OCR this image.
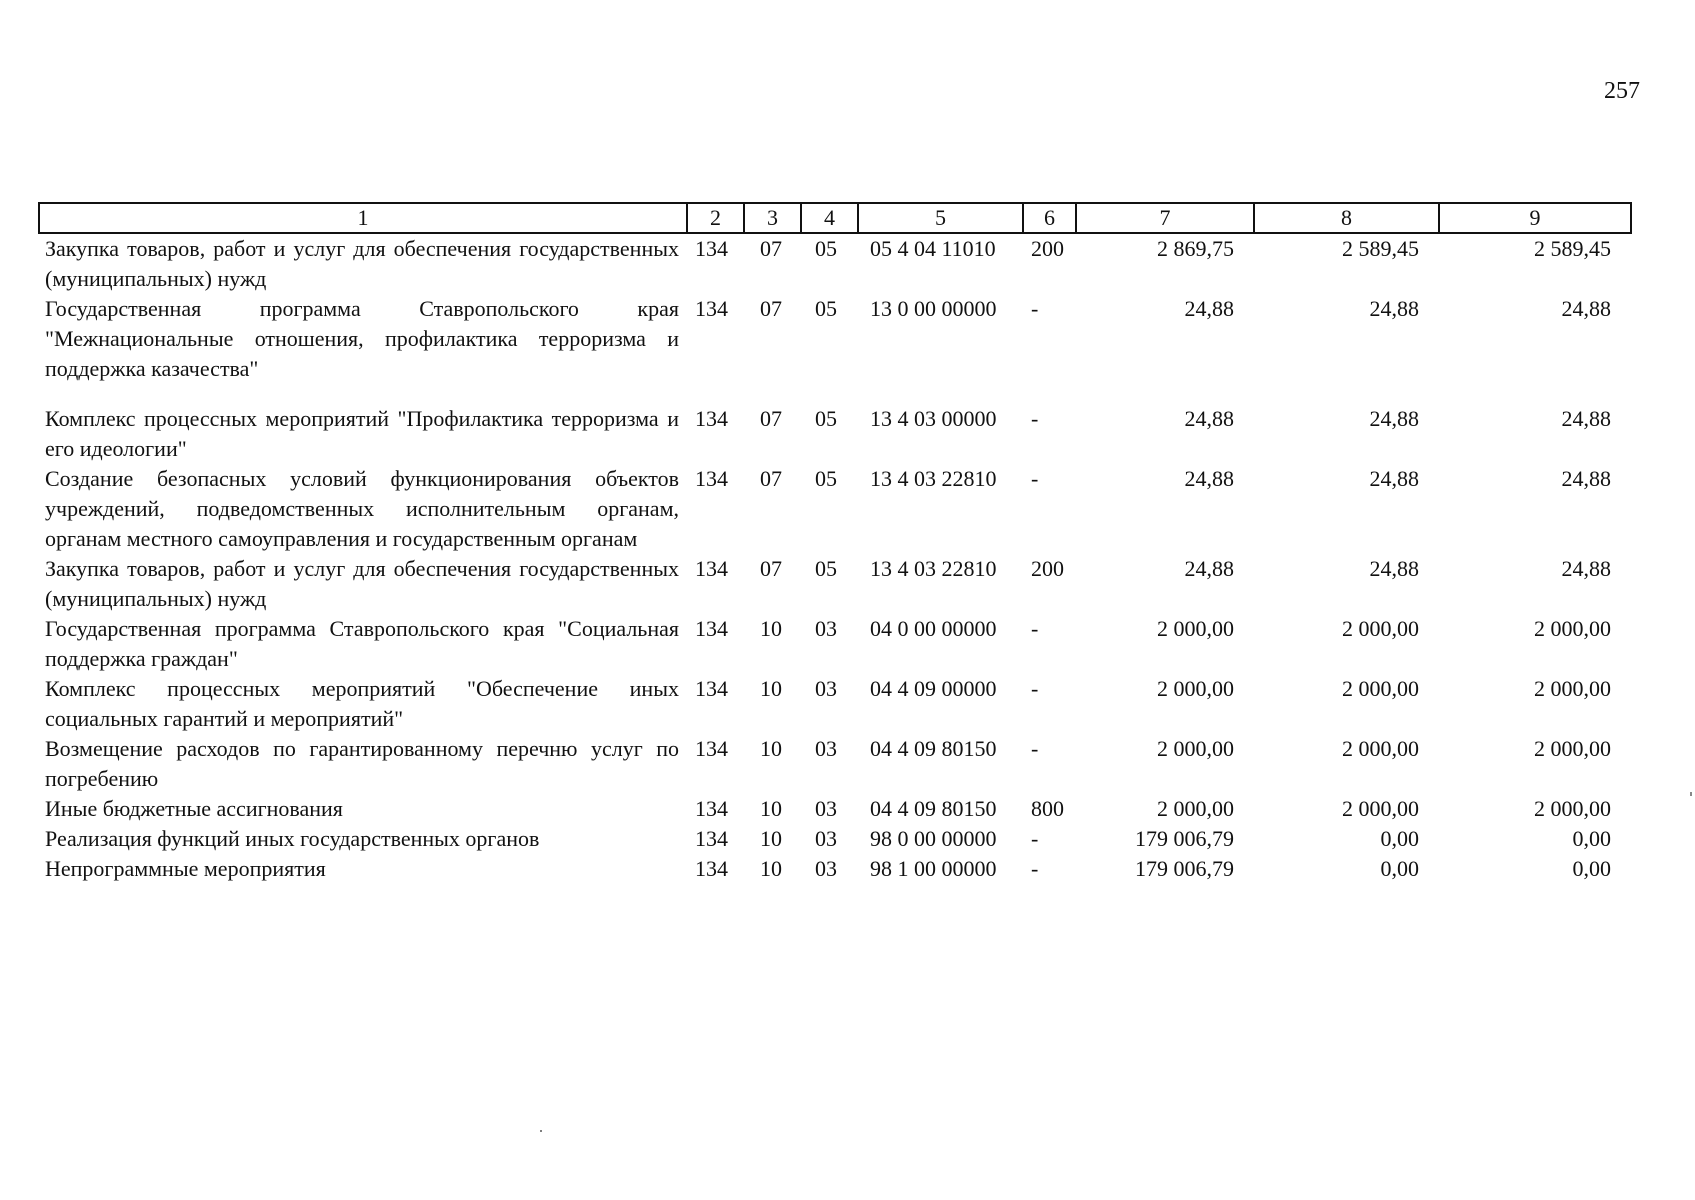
257
1	2	3	4	5	6	7	8	9
Закупка товаров, работ и услуг для обеспечения государственных (муниципальных) нужд	134	07	05	05 4 04 11010	200	2 869,75	2 589,45	2 589,45
Государственная программа Ставропольского края "Межнациональные отношения, профилактика терроризма и поддержка казачества"	134	07	05	13 0 00 00000	-	24,88	24,88	24,88
Комплекс процессных мероприятий "Профилактика терроризма и его идеологии"	134	07	05	13 4 03 00000	-	24,88	24,88	24,88
Создание безопасных условий функционирования объектов учреждений, подведомственных исполнительным органам, органам местного самоуправления и государственным органам	134	07	05	13 4 03 22810	-	24,88	24,88	24,88
Закупка товаров, работ и услуг для обеспечения государственных (муниципальных) нужд	134	07	05	13 4 03 22810	200	24,88	24,88	24,88
Государственная программа Ставропольского края "Социальная поддержка граждан"	134	10	03	04 0 00 00000	-	2 000,00	2 000,00	2 000,00
Комплекс процессных мероприятий "Обеспечение иных социальных гарантий и мероприятий"	134	10	03	04 4 09 00000	-	2 000,00	2 000,00	2 000,00
Возмещение расходов по гарантированному перечню услуг по погребению	134	10	03	04 4 09 80150	-	2 000,00	2 000,00	2 000,00
Иные бюджетные ассигнования	134	10	03	04 4 09 80150	800	2 000,00	2 000,00	2 000,00
Реализация функций иных государственных органов	134	10	03	98 0 00 00000	-	179 006,79	0,00	0,00
Непрограммные мероприятия	134	10	03	98 1 00 00000	-	179 006,79	0,00	0,00
